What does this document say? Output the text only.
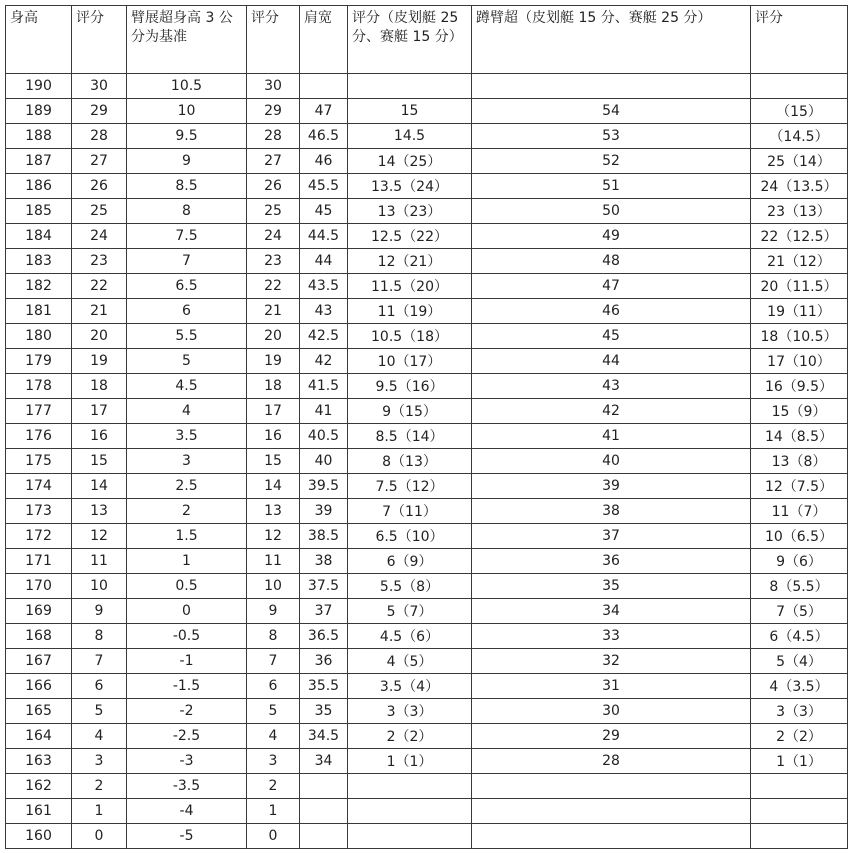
身高	评分	臂展超身高 3 公分为基准	评分	肩宽	评分（皮划艇 25 分、赛艇 15 分）	蹲臂超（皮划艇 15 分、赛艇 25 分）	评分
190	30	10.5	30				
189	29	10	29	47	15	54	（15）
188	28	9.5	28	46.5	14.5	53	（14.5）
187	27	9	27	46	14（25）	52	25（14）
186	26	8.5	26	45.5	13.5（24）	51	24（13.5）
185	25	8	25	45	13（23）	50	23（13）
184	24	7.5	24	44.5	12.5（22）	49	22（12.5）
183	23	7	23	44	12（21）	48	21（12）
182	22	6.5	22	43.5	11.5（20）	47	20（11.5）
181	21	6	21	43	11（19）	46	19（11）
180	20	5.5	20	42.5	10.5（18）	45	18（10.5）
179	19	5	19	42	10（17）	44	17（10）
178	18	4.5	18	41.5	9.5（16）	43	16（9.5）
177	17	4	17	41	9（15）	42	15（9）
176	16	3.5	16	40.5	8.5（14）	41	14（8.5）
175	15	3	15	40	8（13）	40	13（8）
174	14	2.5	14	39.5	7.5（12）	39	12（7.5）
173	13	2	13	39	7（11）	38	11（7）
172	12	1.5	12	38.5	6.5（10）	37	10（6.5）
171	11	1	11	38	6（9）	36	9（6）
170	10	0.5	10	37.5	5.5（8）	35	8（5.5）
169	9	0	9	37	5（7）	34	7（5）
168	8	-0.5	8	36.5	4.5（6）	33	6（4.5）
167	7	-1	7	36	4（5）	32	5（4）
166	6	-1.5	6	35.5	3.5（4）	31	4（3.5）
165	5	-2	5	35	3（3）	30	3（3）
164	4	-2.5	4	34.5	2（2）	29	2（2）
163	3	-3	3	34	1（1）	28	1（1）
162	2	-3.5	2				
161	1	-4	1				
160	0	-5	0				
